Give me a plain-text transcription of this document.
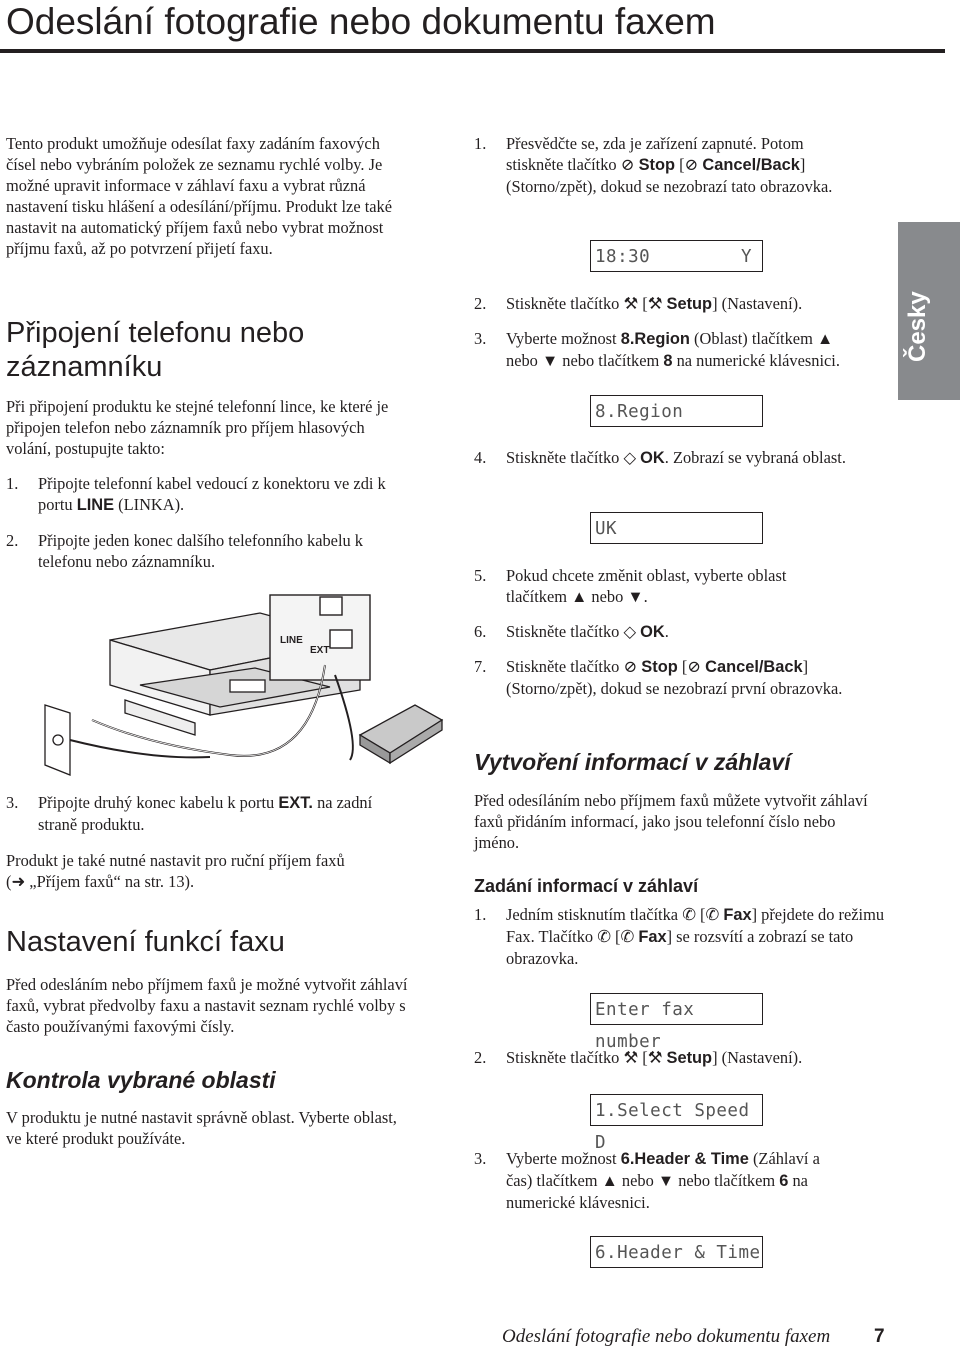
Odeslání fotografie nebo dokumentu faxem
Česky
Tento produkt umožňuje odesílat faxy zadáním faxových čísel nebo vybráním položek ze seznamu rychlé volby. Je možné upravit informace v záhlaví faxu a vybrat různá nastavení tisku hlášení a odesílání/příjmu. Produkt lze také nastavit na automatický příjem faxů nebo vybrat možnost příjmu faxů, až po potvrzení přijetí faxu.
Připojení telefonu nebo záznamníku
Při připojení produktu ke stejné telefonní lince, ke které je připojen telefon nebo záznamník pro příjem hlasových volání, postupujte takto:
1. Připojte telefonní kabel vedoucí z konektoru ve zdi k portu LINE (LINKA).
2. Připojte jeden konec dalšího telefonního kabelu k telefonu nebo záznamníku.
LINE
EXT
3. Připojte druhý konec kabelu k portu EXT. na zadní straně produktu.

Produkt je také nutné nastavit pro ruční příjem faxů

(➜ „Příjem faxů“ na str. 13).

Nastavení funkcí faxu
Před odesláním nebo příjmem faxů je možné vytvořit záhlaví faxů, vybrat předvolby faxu a nastavit seznam rychlé volby s často používanými faxovými čísly.
Kontrola vybrané oblasti
V produktu je nutné nastavit správně oblast. Vyberte oblast, ve které produkt používáte.
1. Přesvědčte se, zda je zařízení zapnuté. Potom stiskněte tlačítko ⊘ Stop [⊘ Cancel/Back] (Storno/zpět), dokud se nezobrazí tato obrazovka.
18:30	Y
2. Stiskněte tlačítko ⚒ [⚒ Setup] (Nastavení).
3. Vyberte možnost 8.Region (Oblast) tlačítkem ▲ nebo ▼ nebo tlačítkem 8 na numerické klávesnici.
8.Region
4. Stiskněte tlačítko ◇ OK. Zobrazí se vybraná oblast.
UK
5. Pokud chcete změnit oblast, vyberte oblast tlačítkem ▲ nebo ▼.
6. Stiskněte tlačítko ◇ OK.
7. Stiskněte tlačítko ⊘ Stop [⊘ Cancel/Back] (Storno/zpět), dokud se nezobrazí první obrazovka.
Vytvoření informací v záhlaví
Před odesíláním nebo příjmem faxů můžete vytvořit záhlaví faxů přidáním informací, jako jsou telefonní číslo nebo jméno.
Zadání informací v záhlaví
1. Jedním stisknutím tlačítka ✆ [✆ Fax] přejdete do režimu Fax. Tlačítko ✆ [✆ Fax] se rozsvítí a zobrazí se tato obrazovka.
Enter fax number
2. Stiskněte tlačítko ⚒ [⚒ Setup] (Nastavení).
1.Select Speed D
3. Vyberte možnost 6.Header & Time (Záhlaví a čas) tlačítkem ▲ nebo ▼ nebo tlačítkem 6 na numerické klávesnici.
6.Header & Time
Odeslání fotografie nebo dokumentu faxem 7
